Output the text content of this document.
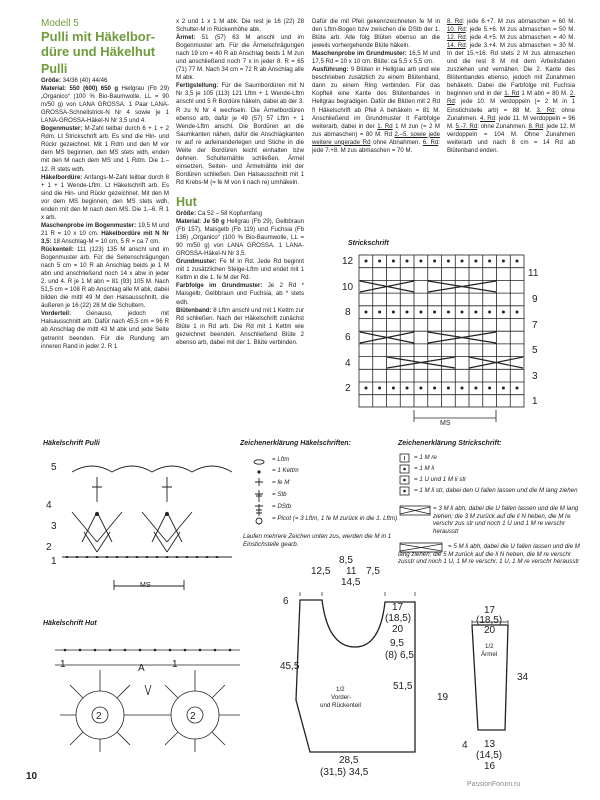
Modell 5
Pulli mit Häkelbor-
düre und Häkelhut
Pulli

Größe: 34/36 (40) 44/46

Material: 550 (600) 650 g Hellgrau (Fb 29) „Organico“ (100 % Bio-Baumwolle, LL = 90 m/50 g) von LANA GROSSA. 1 Paar LANA-GROSSA-Schnellstrick-N Nr 4 sowie je 1 LANA-GROSSA-Häkel-N Nr 3,5 und 4.

Bogenmuster: M-Zahl teilbar durch 6 + 1 + 2 Rdm. Lt Strickschrift arb. Es sind die Hin- und Rückr gezeichnet. Mit 1 Rdm und den M vor dem MS beginnen, den MS stets wdh, enden mit den M nach dem MS und 1 Rdm. Die 1.–12. R stets wdh.

Häkelbordüre: Anfangs-M-Zahl teilbar durch 8 + 1 + 1 Wende-Lftm. Lt Häkelschrift arb. Es sind die Hin- und Rückr gezeichnet. Mit den M vor dem MS beginnen, den MS stets wdh, enden mit den M nach dem MS. Die 1.–6. R 1 x arb.

Maschenprobe im Bogenmuster: 19,5 M und 21 R = 10 x 10 cm. Häkelbordüre mit N Nr 3,5: 18 Anschlag-M = 10 cm, 5 R = ca 7 cm.

Rückenteil: 111 (123) 135 M anschl und im Bogenmuster arb. Für die Seitenschrägungen nach 5 cm = 10 R ab Anschlag beids je 1 M abn und anschließend noch 14 x abw in jeder 2. und 4. R je 1 M abn = 81 (93) 105 M. Nach 51,5 cm = 108 R ab Anschlag alle M abk, dabei bilden die mittl 49 M den Halsausschnitt, die äußeren je 16 (22) 28 M die Schultern.

Vorderteil: Genauso, jedoch mit Halsausschnitt arb. Dafür nach 45,5 cm = 96 R ab Anschlag die mittl 43 M abk und jede Seite getrennt beenden. Für die Rundung am inneren Rand in jeder 2. R 1

x 2 und 1 x 1 M abk. Die rest je 16 (22) 28 Schulter-M in Rückenhöhe abk.

Ärmel: 51 (57) 63 M anschl und im Bogenmuster arb. Für die Ärmelschrägungen nach 19 cm = 40 R ab Anschlag beids 1 M zun und anschließend noch 7 x in jeder 8. R = 65 (71) 77 M. Nach 34 cm = 72 R ab Anschlag alle M abk.

Fertigstellung: Für die Saumbordüren mit N Nr 3,5 je 105 (113) 121 Lftm + 1 Wende-Lftm anschl und 5 R Bordüre häkeln, dabei ab der 3. R zu N Nr 4 wechseln. Die Ärmelbordüren ebenso arb, dafür je 49 (57) 57 Lftm + 1 Wende-Lftm anschl. Die Bordüren an die Saumkanten nähen, dafür die Anschlagkanten re auf re aufeinanderlegen und Stiche in die Weite der Bordüren leicht einhalten bzw dehnen. Schulternähte schließen. Ärmel einsetzen, Seiten- und Ärmelnähte inkl der Bordüren schließen. Den Halsausschnitt mit 1 Rd Krebs-M (= fe M von li nach re) umhäkeln.

Hut

Größe: Ca 52 – 58 Kopfumfang

Material: Je 50 g Hellgrau (Fb 29), Gelbbraun (Fb 157), Maisgelb (Fb 119) und Fuchsia (Fb 136) „Organico“ (100 % Bio-Baumwolle, LL = 90 m/50 g) von LANA GROSSA. 1 LANA-GROSSA-Häkel-N Nr 3,5.

Grundmuster: Fe M in Rd. Jede Rd beginnt mit 1 zusätzlichen Steige-Lftm und endet mit 1 Kettm in die 1. fe M der Rd.

Farbfolge im Grundmuster: Je 2 Rd * Maisgelb, Gelbbraun und Fuchsia, ab * stets wdh.

Blütenband: 8 Lftm anschl und mit 1 Kettm zur Rd schließen. Nach der Häkelschrift zunächst Blüte 1 in Rd arb. Die Rd mit 1 Kettm wie gezeichnet beenden. Anschließend Blüte 2 ebenso arb, dabei mit der 1. Blüte verbinden.

Dafür die mit Pfeil gekennzeichneten fe M in den Lftm-Bogen bzw zwischen die DStb der 1. Blüte arb. Alle folg Blüten ebenso an die jeweils vorhergehende Blüte häkeln.

Maschenprobe im Grundmuster: 16,5 M und 17,5 Rd = 10 x 10 cm. Blüte: ca 5,5 x 5,5 cm.

Ausführung: 9 Blüten in Hellgrau arb und wie beschrieben zusätzlich zu einem Blütenband, dann zu einem Ring verbinden. Für das Kopfteil eine Kante des Blütenbandes in Hellgrau begradigen. Dafür die Blüten mit 2 Rd fl Häkelschrift ab Pfeil A behäkeln = 81 M. Anschließend im Grundmuster lt Farbfolge weiterarb, dabei in der 1. Rd 1 M zun (= 2 M zus abmaschen) = 80 M. Rd 2.–5. sowie jede weitere ungerade Rd ohne Abnahmen. 6. Rd: jede 7.+8. M zus abmaschen = 70 M.

8. Rd: jede 6.+7. M zus abmaschen = 60 M. 10. Rd: jede 5.+6. M zus abmaschen = 50 M. 12. Rd: jede 4.+5. M zus abmaschen = 40 M. 14. Rd: jede 3.+4. M zus abmaschen = 30 M. In der 15.+16. Rd stets 2 M zus abmaschen und die rest 8 M mit dem Arbeitsfaden zusziehen und vernähen. Die 2. Kante des Blütenbandes ebenso, jedoch mit Zunahmen behäkeln. Dabei die Farbfolge mit Fuchsia beginnen und in der 1. Rd 1 M abn = 80 M. 2. Rd: jede 10. M verdoppeln (= 2 M in 1 Einstichstelle arb) = 88 M. 3. Rd: ohne Zunahmen. 4. Rd: jede 11. M verdoppeln = 96 M. 5.-7. Rd: ohne Zunahmen. 8. Rd: jede 12. M verdoppeln = 104 M. Ohne Zunahmen weiterarb und nach 8 cm = 14 Rd ab Blütenband enden.

Strickschrift
12
10
8
6
4
2
11
9
7
5
3
1
MS
Häkelschrift Pulli
5
4
3
2
1
MS
Häkelschrift Hut
1
2
A
2
1
Zeichenerklärung Häkelschriften:
= Lftm
= 1 Kettm
= fe M
= Stb
= DStb
= Picot (= 3 Lftm, 1 fe M zurück in die 1. Lftm)
Laufen mehrere Zeichen unten zus, werden die M in 1 Einstichstelle gearb.
Zeichenerklärung Strickschrift:
= 1 M re
= 1 M li
= 1 U und 1 M li str
= 1 M li str, dabei den U fallen lassen und die M lang ziehen
= 3 M li abh, dabei die U fallen lassen und die M lang ziehen; die 3 M zurück auf die li N heben, die M re verschr zus str und noch 1 U und 1 M re verschr herausstr
= 5 M li abh, dabei die U fallen lassen und die M lang ziehen; die 5 M zurück auf die li N heben, die M re verschr zusstr und noch 1 U, 1 M re verschr, 1 U, 1 M re verschr herausstr
8,5
12,5 11 7,5
14,5
6
45,5
17
(18,5)
20
9,5
(8) 6,5
51,5
1/2
Vorder-
und Rückenteil
28,5
(31,5) 34,5
17
(18,5)
20
34
19
4
1/2
Ärmel
13
(14,5)
16
10
PassionForum.ru
